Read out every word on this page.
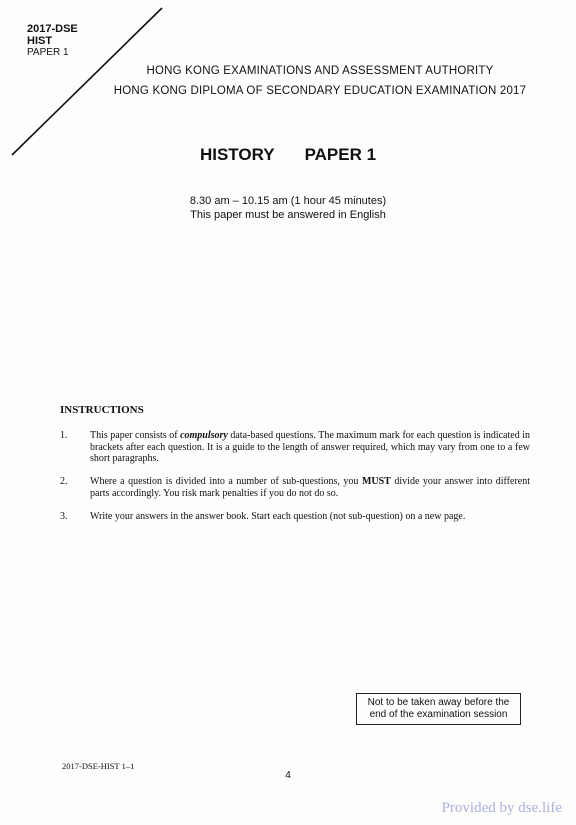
2017-DSE
HIST
PAPER 1
HONG KONG EXAMINATIONS AND ASSESSMENT AUTHORITY
HONG KONG DIPLOMA OF SECONDARY EDUCATION EXAMINATION 2017
HISTORY PAPER 1
8.30 am – 10.15 am (1 hour 45 minutes)
This paper must be answered in English
INSTRUCTIONS
1. This paper consists of compulsory data-based questions. The maximum mark for each question is indicated in brackets after each question. It is a guide to the length of answer required, which may vary from one to a few short paragraphs.
2. Where a question is divided into a number of sub-questions, you MUST divide your answer into different parts accordingly. You risk mark penalties if you do not do so.
3. Write your answers in the answer book. Start each question (not sub-question) on a new page.
Not to be taken away before the
end of the examination session
2017-DSE-HIST 1–1
4
Provided by dse.life
